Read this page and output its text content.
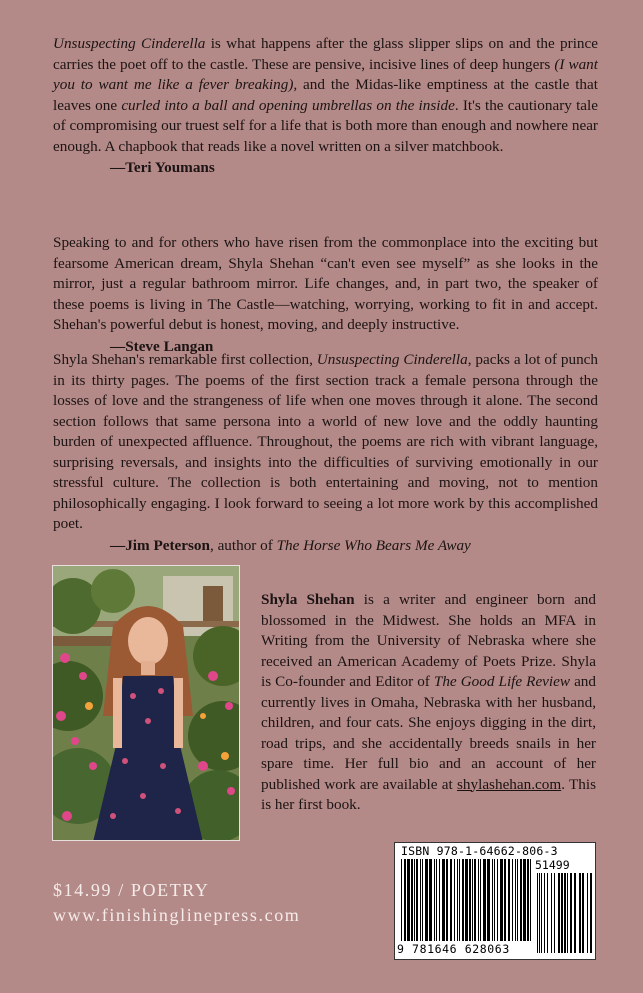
Unsuspecting Cinderella is what happens after the glass slipper slips on and the prince carries the poet off to the castle. These are pensive, incisive lines of deep hungers (I want you to want me like a fever breaking), and the Midas-like emptiness at the castle that leaves one curled into a ball and opening umbrellas on the inside. It's the cautionary tale of compromising our truest self for a life that is both more than enough and nowhere near enough. A chapbook that reads like a novel written on a silver matchbook.

—Teri Youmans

Speaking to and for others who have risen from the commonplace into the exciting but fearsome American dream, Shyla Shehan “can't even see myself” as she looks in the mirror, just a regular bathroom mirror. Life changes, and, in part two, the speaker of these poems is living in The Castle—watching, worrying, working to fit in and accept. Shehan's powerful debut is honest, moving, and deeply instructive.

—Steve Langan

Shyla Shehan's remarkable first collection, Unsuspecting Cinderella, packs a lot of punch in its thirty pages. The poems of the first section track a female persona through the losses of love and the strangeness of life when one moves through it alone. The second section follows that same persona into a world of new love and the oddly haunting burden of unexpected affluence. Throughout, the poems are rich with vibrant language, surprising reversals, and insights into the difficulties of surviving emotionally in our stressful culture. The collection is both entertaining and moving, not to mention philosophically engaging. I look forward to seeing a lot more work by this accomplished poet.

—Jim Peterson, author of The Horse Who Bears Me Away

Shyla Shehan is a writer and engineer born and blossomed in the Midwest. She holds an MFA in Writing from the University of Nebraska where she received an American Academy of Poets Prize. Shyla is Co-founder and Editor of The Good Life Review and currently lives in Omaha, Nebraska with her husband, children, and four cats. She enjoys digging in the dirt, road trips, and she accidentally breeds snails in her spare time. Her full bio and an account of her published work are available at shylashehan.com. This is her first book.

$14.99 / POETRY
www.finishinglinepress.com
ISBN 978-1-64662-806-3
51499
9 781646 628063
